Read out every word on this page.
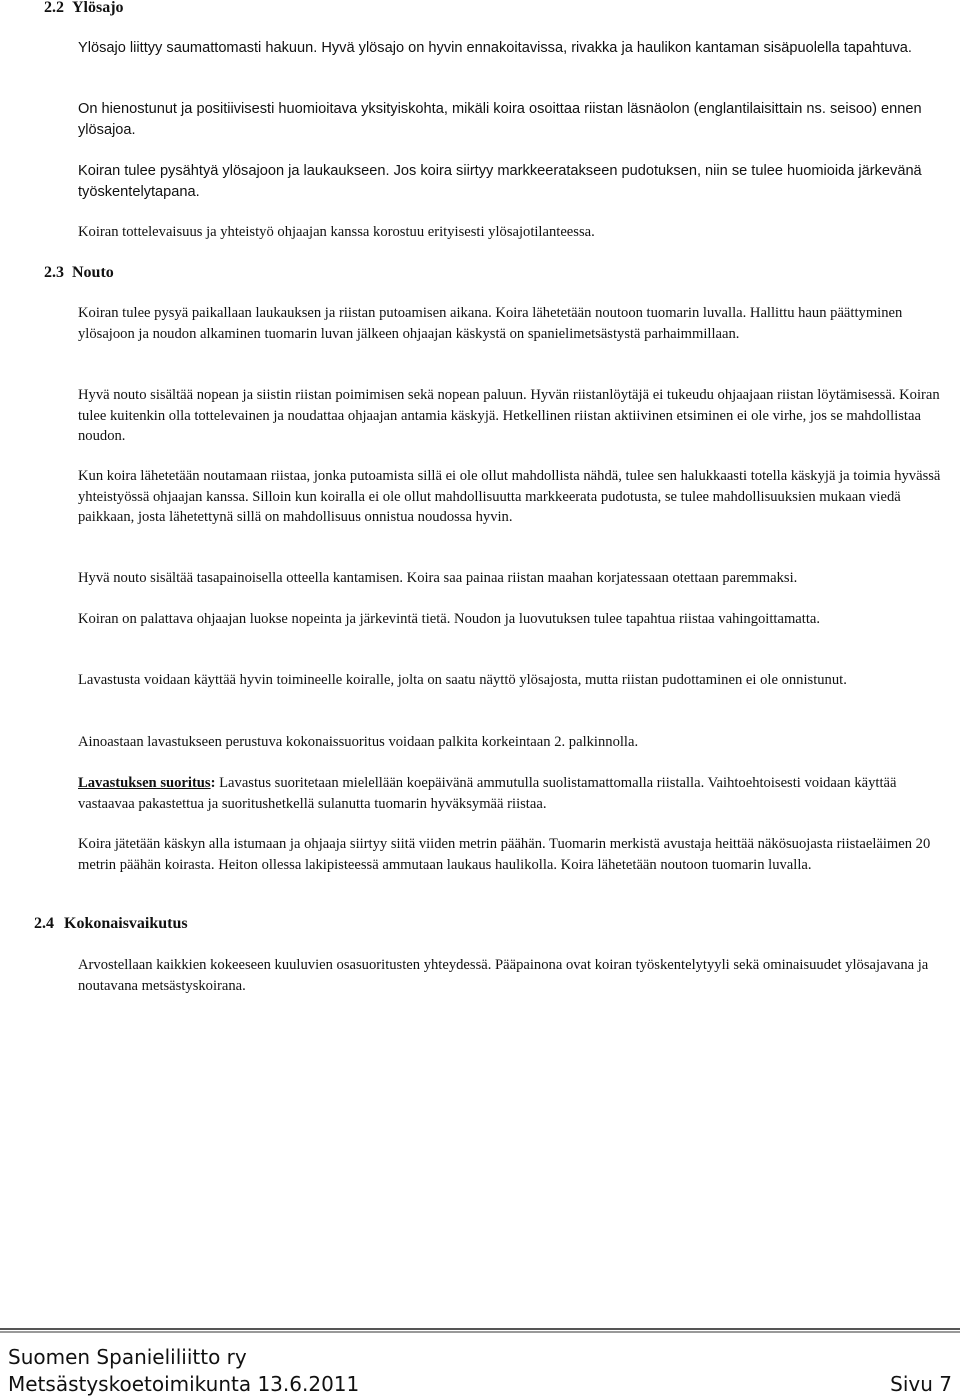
2.2 Ylösajo

Ylösajo liittyy saumattomasti hakuun. Hyvä ylösajo on hyvin ennakoitavissa, rivakka ja haulikon kantaman sisäpuolella tapahtuva.

On hienostunut ja positiivisesti huomioitava yksityiskohta, mikäli koira osoittaa riistan läsnäolon (englantilaisittain ns. seisoo) ennen ylösajoa.

Koiran tulee pysähtyä ylösajoon ja laukaukseen. Jos koira siirtyy markkeeratakseen pudotuksen, niin se tulee huomioida järkevänä työskentelytapana.

Koiran tottelevaisuus ja yhteistyö ohjaajan kanssa korostuu erityisesti ylösajotilanteessa.

2.3 Nouto

Koiran tulee pysyä paikallaan laukauksen ja riistan putoamisen aikana. Koira lähetetään noutoon tuomarin luvalla. Hallittu haun päättyminen ylösajoon ja noudon alkaminen tuomarin luvan jälkeen ohjaajan käskystä on spanielimetsästystä parhaimmillaan.

Hyvä nouto sisältää nopean ja siistin riistan poimimisen sekä nopean paluun. Hyvän riistanlöytäjä ei tukeudu ohjaajaan riistan löytämisessä. Koiran tulee kuitenkin olla tottelevainen ja noudattaa ohjaajan antamia käskyjä. Hetkellinen riistan aktiivinen etsiminen ei ole virhe, jos se mahdollistaa noudon.

Kun koira lähetetään noutamaan riistaa, jonka putoamista sillä ei ole ollut mahdollista nähdä, tulee sen halukkaasti totella käskyjä ja toimia hyvässä yhteistyössä ohjaajan kanssa. Silloin kun koiralla ei ole ollut mahdollisuutta markkeerata pudotusta, se tulee mahdollisuuksien mukaan viedä paikkaan, josta lähetettynä sillä on mahdollisuus onnistua noudossa hyvin.

Hyvä nouto sisältää tasapainoisella otteella kantamisen. Koira saa painaa riistan maahan korjatessaan otettaan paremmaksi.

Koiran on palattava ohjaajan luokse nopeinta ja järkevintä tietä. Noudon ja luovutuksen tulee tapahtua riistaa vahingoittamatta.

Lavastusta voidaan käyttää hyvin toimineelle koiralle, jolta on saatu näyttö ylösajosta, mutta riistan pudottaminen ei ole onnistunut.

Ainoastaan lavastukseen perustuva kokonaissuoritus voidaan palkita korkeintaan 2. palkinnolla.

Lavastuksen suoritus: Lavastus suoritetaan mielellään koepäivänä ammutulla suolistamattomalla riistalla. Vaihtoehtoisesti voidaan käyttää vastaavaa pakastettua ja suoritushetkellä sulanutta tuomarin hyväksymää riistaa.

Koira jätetään käskyn alla istumaan ja ohjaaja siirtyy siitä viiden metrin päähän. Tuomarin merkistä avustaja heittää näkösuojasta riistaeläimen 20 metrin päähän koirasta. Heiton ollessa lakipisteessä ammutaan laukaus haulikolla. Koira lähetetään noutoon tuomarin luvalla.

2.4 Kokonaisvaikutus

Arvostellaan kaikkien kokeeseen kuuluvien osasuoritusten yhteydessä. Pääpainona ovat koiran työskentelytyyli sekä ominaisuudet ylösajavana ja noutavana metsästyskoirana.

Suomen Spanieliliitto ry

Metsästyskoetoimikunta 13.6.2011	Sivu 7
